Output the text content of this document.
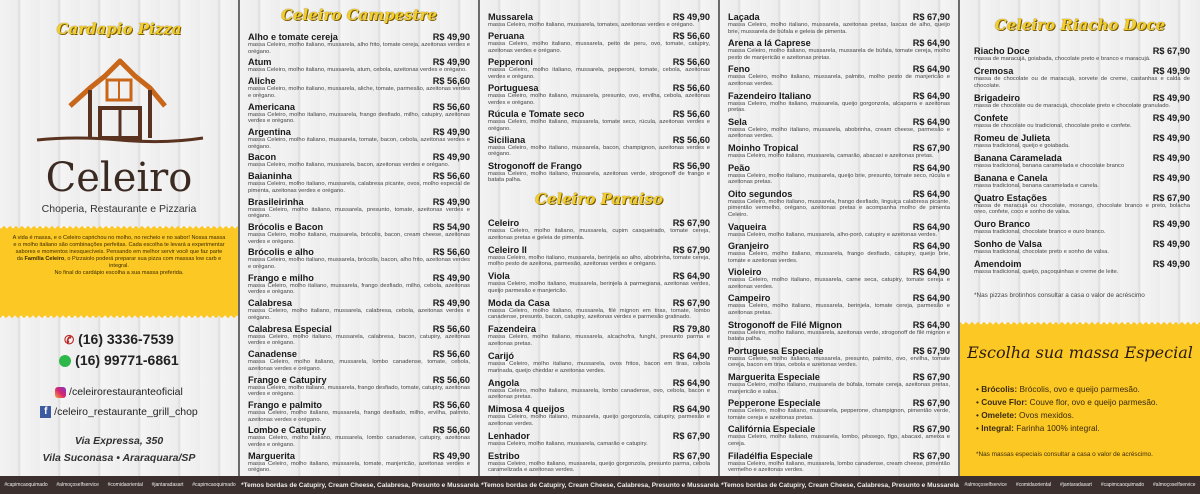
Cardapio Pizza
Celeiro
Choperia, Restaurante e Pizzaria
A vida é massa, e o Celeiro caprichou no molho, no recheio e no sabor! Nossa massa e o molho italiano são combinações perfeitas. Cada escolha te levará a experimentar sabores e momentos inesquecíveis. Pensando em melhor servir você que faz parte da Família Celeiro, o Pizzaiolo poderá preparar sua pizza com massas low carb e integral.
No final do cardápio escolha a sua massa preferida.
✆ (16) 3336-7539
(16) 99771-6861
/celeirorestauranteoficial
f /celeiro_restaurante_grill_chop
Via Expressa, 350
Vila Suconasa • Araraquara/SP
#capimcaoquimado #almoçoselfservice #comidaoriental #jantaradasart #capimcaoquimado
Celeiro Campestre
Alho e tomate cereja	R$ 49,90
massa Celeiro, molho italiano, mussarela, alho frito, tomate cereja, azeitonas verdes e orégano.
Atum	R$ 49,90
massa Celeiro, molho italiano, mussarela, atum, cebola, azeitonas verdes e orégano.
Aliche	R$ 56,60
massa Celeiro, molho italiano, mussarela, aliche, tomate, parmesão, azeitonas verdes e orégano.
Americana	R$ 56,60
massa Celeiro, molho italiano, mussarela, frango desfiado, milho, catupiry, azeitonas verdes e orégano.
Argentina	R$ 49,90
massa Celeiro, molho italiano, mussarela, tomate, bacon, cebola, azeitonas verdes e orégano.
Bacon	R$ 49,90
massa Celeiro, molho italiano, mussarela, bacon, azeitonas verdes e orégano.
Baianinha	R$ 56,60
massa Celeiro, molho italiano, mussarela, calabresa picante, ovos, molho especial de pimenta, azeitonas verdes e orégano.
Brasileirinha	R$ 49,90
massa Celeiro, molho italiano, mussarela, presunto, tomate, azeitonas verdes e orégano.
Brócolis e Bacon	R$ 54,90
massa Celeiro, molho italiano, mussarela, brócolis, bacon, cream cheese, azeitonas verdes e orégano.
Brócolis e alho	R$ 56,60
massa Celeiro, molho italiano, mussarela, brócolis, bacon, alho frito, azeitonas verdes e orégano.
Frango e milho	R$ 49,90
massa Celeiro, molho italiano, mussarela, frango desfiado, milho, cebola, azeitonas verdes e orégano.
Calabresa	R$ 49,90
massa Celeiro, molho italiano, mussarela, calabresa, cebola, azeitonas verdes e orégano.
Calabresa Especial	R$ 56,60
massa Celeiro, molho italiano, mussarela, calabresa, bacon, catupiry, azeitonas verdes e orégano.
Canadense	R$ 56,60
massa Celeiro, molho italiano, mussarela, lombo canadense, tomate, cebola, azeitonas verdes e orégano.
Frango e Catupiry	R$ 56,60
massa Celeiro, molho italiano, mussarela, frango desfiado, tomate, catupiry, azeitonas verdes e orégano.
Frango e palmito	R$ 56,60
massa Celeiro, molho italiano, mussarela, frango desfiado, milho, ervilha, palmito, azeitonas verdes e orégano.
Lombo e Catupiry	R$ 56,60
massa Celeiro, molho italiano, mussarela, lombo canadense, catupiry, azeitonas verdes e orégano.
Marguerita	R$ 49,90
massa Celeiro, molho italiano, mussarela, tomate, manjericão, azeitonas verdes e orégano.
*Temos bordas de Catupiry, Cream Cheese, Calabresa, Presunto e Mussarela
Mussarela	R$ 49,90
massa Celeiro, molho italiano, mussarela, tomates, azeitonas verdes e orégano.
Peruana	R$ 56,60
massa Celeiro, molho italiano, mussarela, peito de peru, ovo, tomate, catupiry, azeitonas verdes e orégano.
Pepperoni	R$ 56,60
massa Celeiro, molho italiano, mussarela, pepperoni, tomate, cebola, azeitonas verdes e orégano.
Portuguesa	R$ 56,60
massa Celeiro, molho italiano, mussarela, presunto, ovo, ervilha, cebola, azeitonas verdes e orégano.
Rúcula e Tomate seco	R$ 56,60
massa Celeiro, molho italiano, mussarela, tomate seco, rúcula, azeitonas verdes e orégano.
Siciliana	R$ 56,60
massa Celeiro, molho italiano, mussarela, bacon, champignon, azeitonas verdes e orégano.
Strogonoff de Frango	R$ 56,90
massa Celeiro, molho italiano, mussarela, azeitonas verde, strogonoff de frango e batata palha.
Celeiro Paraiso
Celeiro	R$ 67,90
massa Celeiro, molho italiano, mussarela, cupim casqueirado, tomate cereja, azeitonas pretas e geleia de pimenta.
Celeiro II	R$ 67,90
massa Celeiro, molho italiano, mussarela, berinjela ao alho, abobrinha, tomate cereja, molho pesto de azeitona, parmesão, azeitonas verdes e orégano.
Viola	R$ 64,90
massa Celeiro, molho italiano, mussarela, berinjela à parmegiana, azeitonas verdes, queijo parmesão e manjericão.
Moda da Casa	R$ 67,90
massa Celeiro, molho italiano, mussarela, filé mignon em tiras, tomate, lombo canadense, presunto, bacon, catupiry, azeitonas verdes e parmesão gratinado.
Fazendeira	R$ 79,80
massa Celeiro, molho italiano, mussarela, alcachofra, funghi, presunto parma e azeitonas pretas.
Carijó	R$ 64,90
massa Celeiro, molho italiano, mussarela, ovos fritos, bacon em tiras, cebola marinada, queijo cheddar e azeitonas verdes.
Angola	R$ 64,90
massa Celeiro, molho italiano, mussarela, lombo canadense, ovo, cebola, bacon e azeitonas pretas.
Mimosa 4 queijos	R$ 64,90
massa Celeiro, molho italiano, mussarela, queijo gorgonzola, catupiry, parmesão e azeitonas verdes.
Lenhador	R$ 67,90
massa Celeiro, molho italiano, mussarela, camarão e catupiry.
Estribo	R$ 67,90
massa Celeiro, molho italiano, mussarela, queijo gorgonzola, presunto parma, cebola caramelizada e azeitonas verdes.
*Temos bordas de Catupiry, Cream Cheese, Calabresa, Presunto e Mussarela
Laçada	R$ 67,90
massa Celeiro, molho italiano, mussarela, azeitonas pretas, lascas de alho, queijo brie, mussarela de búfala e geleia de pimenta.
Arena a lá Caprese	R$ 64,90
massa Celeiro, molho italiano, mussarela, mussarela de búfala, tomate cereja, molho pesto de manjericão e azeitonas pretas.
Feno	R$ 64,90
massa Celeiro, molho italiano, mussarela, palmito, molho pesto de manjericão e azeitonas verdes.
Fazendeiro Italiano	R$ 64,90
massa Celeiro, molho italiano, mussarela, queijo gorgonzola, alcaparra e azeitonas pretas.
Sela	R$ 64,90
massa Celeiro, molho italiano, mussarela, abobrinha, cream cheese, parmesão e azeitonas verdes.
Moinho Tropical	R$ 67,90
massa Celeiro, molho italiano, mussarela, camarão, abacaxi e azeitonas pretas.
Peão	R$ 64,90
massa Celeiro, molho italiano, mussarela, queijo brie, presunto, tomate seco, rúcula e azeitonas pretas.
Oito segundos	R$ 64,90
massa Celeiro, molho italiano, mussarela, frango desfiado, linguiça calabresa picante, pimentão vermelho, orégano, azeitonas pretas e acompanha molho de pimenta Celeiro.
Vaqueira	R$ 64,90
massa Celeiro, molho italiano, mussarela, alho-poró, catupiry e azeitonas verdes.
Granjeiro	R$ 64,90
massa Celeiro, molho italiano, mussarela, frango desfiado, catupiry, queijo brie, tomate e azeitonas verdes.
Violeiro	R$ 64,90
massa Celeiro, molho italiano, mussarela, carne seca, catupiry, tomate cereja e azeitonas verdes.
Campeiro	R$ 64,90
massa Celeiro, molho italiano, mussarela, berinjela, tomate cereja, parmesão e azeitonas pretas.
Strogonoff de Filé Mignon	R$ 64,90
massa Celeiro, molho italiano, mussarela, azeitonas verde, strogonoff de filé mignon e batata palha.
Portuguesa Especiale	R$ 67,90
massa Celeiro, molho italiano, mussarela, presunto, palmito, ovo, ervilha, tomate cereja, bacon em tiras, cebola e azeitonas verdes.
Marguerita Especiale	R$ 67,90
massa Celeiro, molho italiano, mussarela de búfala, tomate cereja, azeitonas pretas, manjericão e salsa.
Pepperone Especiale	R$ 67,90
massa Celeiro, molho italiano, mussarela, pepperone, champignon, pimentão verde, tomate cereja e azeitonas pretas.
Califórnia Especiale	R$ 67,90
massa Celeiro, molho italiano, mussarela, lombo, pêssego, figo, abacaxi, ameixa e cereja.
Filadélfia Especiale	R$ 67,90
massa Celeiro, molho italiano, mussarela, lombo canadense, cream cheese, pimentão vermelho e azeitonas verdes.
*Temos bordas de Catupiry, Cream Cheese, Calabresa, Presunto e Mussarela
Celeiro Riacho Doce
Riacho Doce	R$ 67,90
massa de maracujá, goiabada, chocolate preto e branco e maracujá.
Cremosa	R$ 49,90
massa de chocolate ou de maracujá, sorvete de creme, castanhas e calda de chocolate.
Brigadeiro	R$ 49,90
massa de chocolate ou de maracujá, chocolate preto e chocolate granulado.
Confete	R$ 49,90
massa de chocolate ou tradicional, chocolate preto e confete.
Romeu de Julieta	R$ 49,90
massa tradicional, queijo e goiabada.
Banana Caramelada	R$ 49,90
massa tradicional, banana caramelada e chocolate branco
Banana e Canela	R$ 49,90
massa tradicional, banana caramelada e canela.
Quatro Estações	R$ 67,90
massa de maracujá ou chocolate, morango, chocolate branco e preto, bolacha oreo, confete, coco e sonho de valsa.
Ouro Branco	R$ 49,90
massa tradicional, chocolate branco e ouro branco.
Sonho de Valsa	R$ 49,90
massa tradicional, chocolate preto e sonho de valsa.
Amendoim	R$ 49,90
massa tradicional, queijo, paçoquinhas e creme de leite.
*Nas pizzas brotinhos consultar a casa o valor de acréscimo
Escolha sua massa Especial
• Brócolis: Brócolis, ovo e queijo parmesão.
• Couve Flor: Couve flor, ovo e queijo parmesão.
• Omelete: Ovos mexidos.
• Integral: Farinha 100% integral.
*Nas massas especiais consultar a casa o valor de acréscimo.
#almoçoselfservice #comidaoriental #jantaradasart #capimcaoquimado #almoçoselfservice
